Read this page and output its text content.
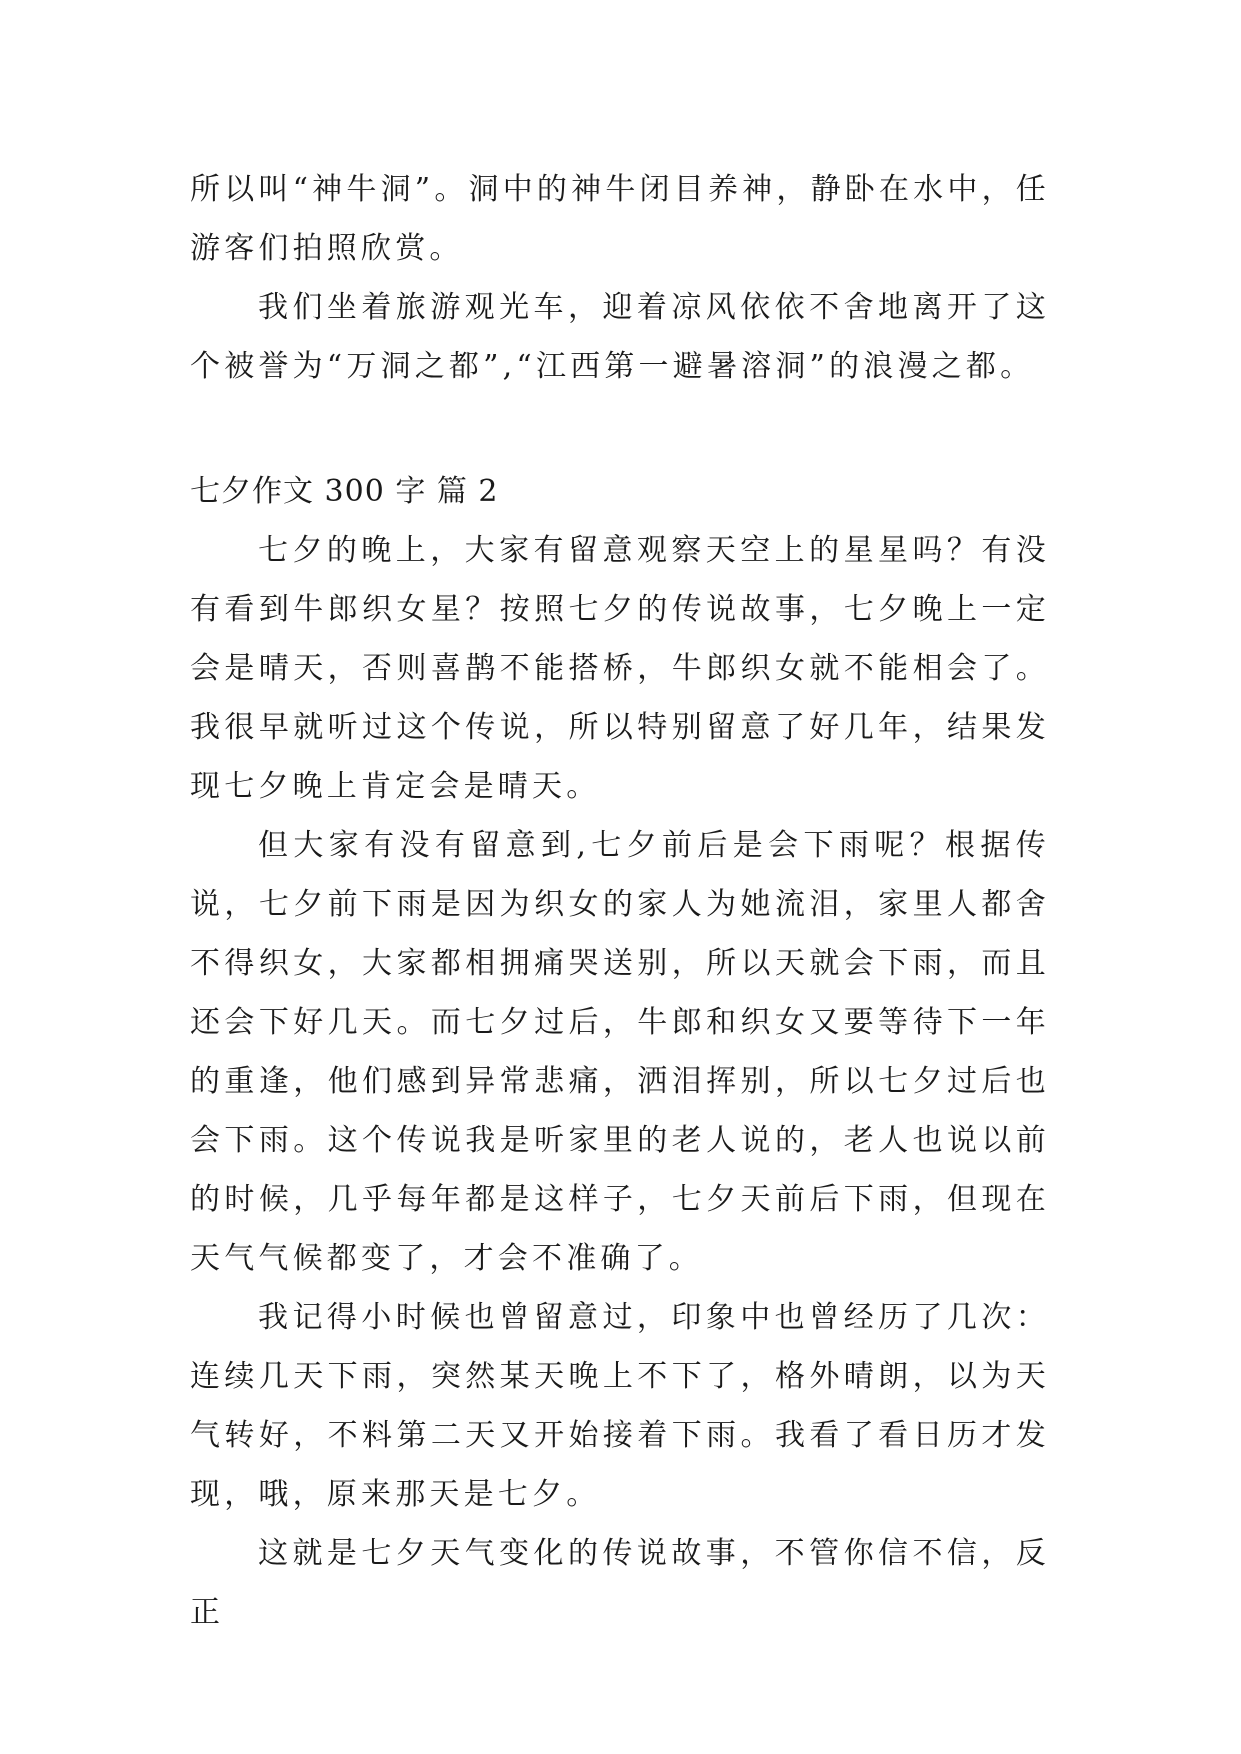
所以叫“神牛洞”。洞中的神牛闭目养神，静卧在水中，任游客们拍照欣赏。

我们坐着旅游观光车，迎着凉风依依不舍地离开了这个被誉为“万洞之都”,“江西第一避暑溶洞”的浪漫之都。

七夕作文 300 字 篇 2

七夕的晚上，大家有留意观察天空上的星星吗？有没有看到牛郎织女星？按照七夕的传说故事，七夕晚上一定会是晴天，否则喜鹊不能搭桥，牛郎织女就不能相会了。我很早就听过这个传说，所以特别留意了好几年，结果发现七夕晚上肯定会是晴天。

但大家有没有留意到,七夕前后是会下雨呢？根据传说，七夕前下雨是因为织女的家人为她流泪，家里人都舍不得织女，大家都相拥痛哭送别，所以天就会下雨，而且还会下好几天。而七夕过后，牛郎和织女又要等待下一年的重逢，他们感到异常悲痛，洒泪挥别，所以七夕过后也会下雨。这个传说我是听家里的老人说的，老人也说以前的时候，几乎每年都是这样子，七夕天前后下雨，但现在天气气候都变了，才会不准确了。

我记得小时候也曾留意过，印象中也曾经历了几次：连续几天下雨，突然某天晚上不下了，格外晴朗，以为天气转好，不料第二天又开始接着下雨。我看了看日历才发现，哦，原来那天是七夕。

这就是七夕天气变化的传说故事，不管你信不信，反正
